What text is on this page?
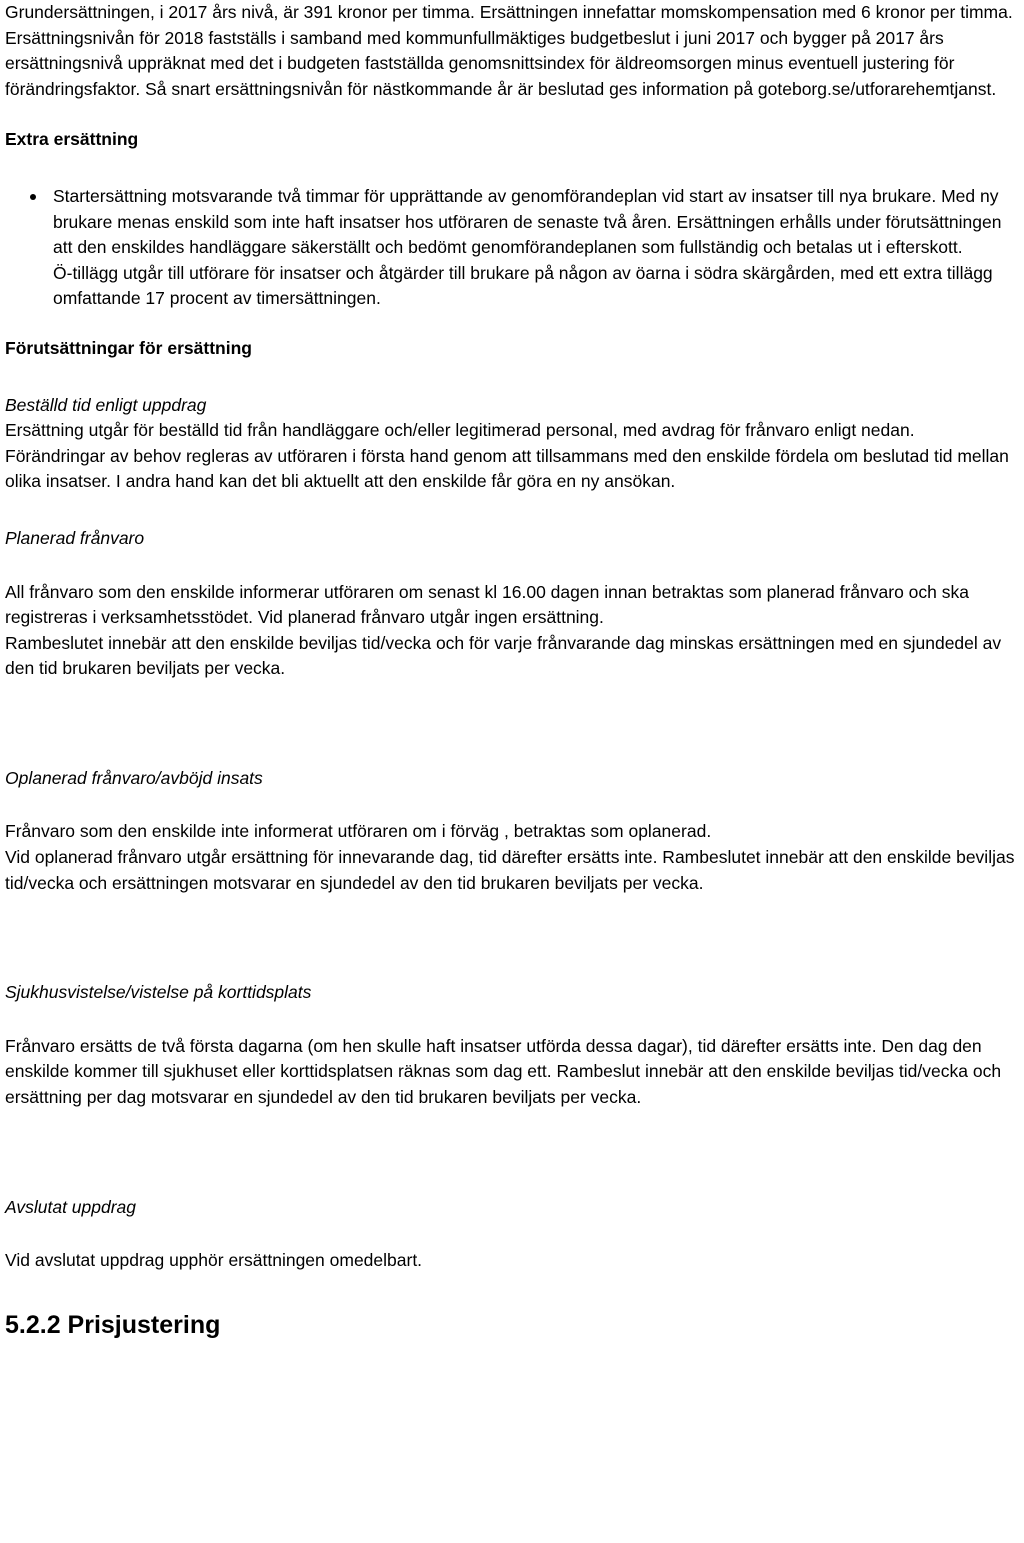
Grundersättningen, i 2017 års nivå, är 391 kronor per timma. Ersättningen innefattar momskompensation med 6 kronor per timma. Ersättningsnivån för 2018 fastställs i samband med kommunfullmäktiges budgetbeslut i juni 2017 och bygger på 2017 års ersättningsnivå uppräknat med det i budgeten fastställda genomsnittsindex för äldreomsorgen minus eventuell justering för förändringsfaktor. Så snart ersättningsnivån för nästkommande år är beslutad ges information på goteborg.se/utforarehemtjanst.

Extra ersättning

Startersättning motsvarande två timmar för upprättande av genomförandeplan vid start av insatser till nya brukare. Med ny brukare menas enskild som inte haft insatser hos utföraren de senaste två åren. Ersättningen erhålls under förutsättningen att den enskildes handläggare säkerställt och bedömt genomförandeplanen som fullständig och betalas ut i efterskott.
Ö-tillägg utgår till utförare för insatser och åtgärder till brukare på någon av öarna i södra skärgården, med ett extra tillägg omfattande 17 procent av timersättningen.

Förutsättningar för ersättning

Beställd tid enligt uppdrag

Ersättning utgår för beställd tid från handläggare och/eller legitimerad personal, med avdrag för frånvaro enligt nedan.

Förändringar av behov regleras av utföraren i första hand genom att tillsammans med den enskilde fördela om beslutad tid mellan olika insatser. I andra hand kan det bli aktuellt att den enskilde får göra en ny ansökan.

Planerad frånvaro

All frånvaro som den enskilde informerar utföraren om senast kl 16.00 dagen innan betraktas som planerad frånvaro och ska registreras i verksamhetsstödet. Vid planerad frånvaro utgår ingen ersättning.

Rambeslutet innebär att den enskilde beviljas tid/vecka och för varje frånvarande dag minskas ersättningen med en sjundedel av den tid brukaren beviljats per vecka.

Oplanerad frånvaro/avböjd insats

Frånvaro som den enskilde inte informerat utföraren om i förväg , betraktas som oplanerad.

Vid oplanerad frånvaro utgår ersättning för innevarande dag, tid därefter ersätts inte. Rambeslutet innebär att den enskilde beviljas tid/vecka och ersättningen motsvarar en sjundedel av den tid brukaren beviljats per vecka.

Sjukhusvistelse/vistelse på korttidsplats

Frånvaro ersätts de två första dagarna (om hen skulle haft insatser utförda dessa dagar), tid därefter ersätts inte. Den dag den enskilde kommer till sjukhuset eller korttidsplatsen räknas som dag ett. Rambeslut innebär att den enskilde beviljas tid/vecka och ersättning per dag motsvarar en sjundedel av den tid brukaren beviljats per vecka.

Avslutat uppdrag

Vid avslutat uppdrag upphör ersättningen omedelbart.

5.2.2 Prisjustering
